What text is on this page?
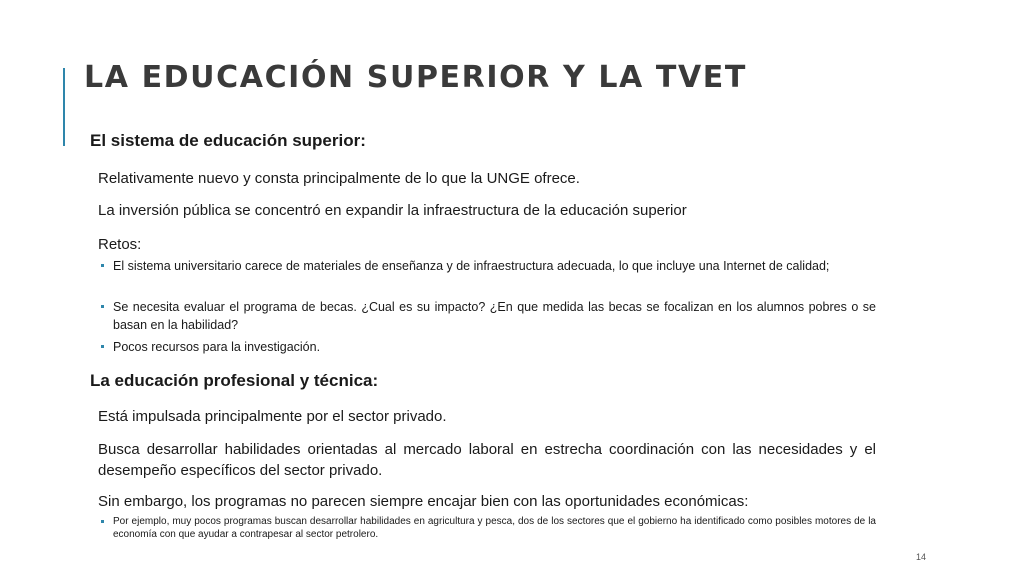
LA EDUCACIÓN SUPERIOR Y LA TVET
El sistema de educación superior:
Relativamente nuevo y consta principalmente de lo que la UNGE ofrece.
La inversión pública se concentró en expandir la infraestructura de la educación superior
Retos:
El sistema universitario carece de materiales de enseñanza y de infraestructura adecuada, lo que incluye una Internet de calidad;
Se necesita evaluar el programa de becas. ¿Cual es su impacto? ¿En que medida las becas se focalizan en los alumnos pobres o se basan en la habilidad?
Pocos recursos para la investigación.
La educación profesional y técnica:
Está impulsada principalmente por el sector privado.
Busca desarrollar habilidades orientadas al mercado laboral en estrecha coordinación con las necesidades y el desempeño específicos del sector privado.
Sin embargo, los programas no parecen siempre encajar bien con las oportunidades económicas:
Por ejemplo, muy pocos programas buscan desarrollar habilidades en agricultura y pesca, dos de los sectores que el gobierno ha identificado como posibles motores de la economía con que ayudar a contrapesar al sector petrolero.
14
